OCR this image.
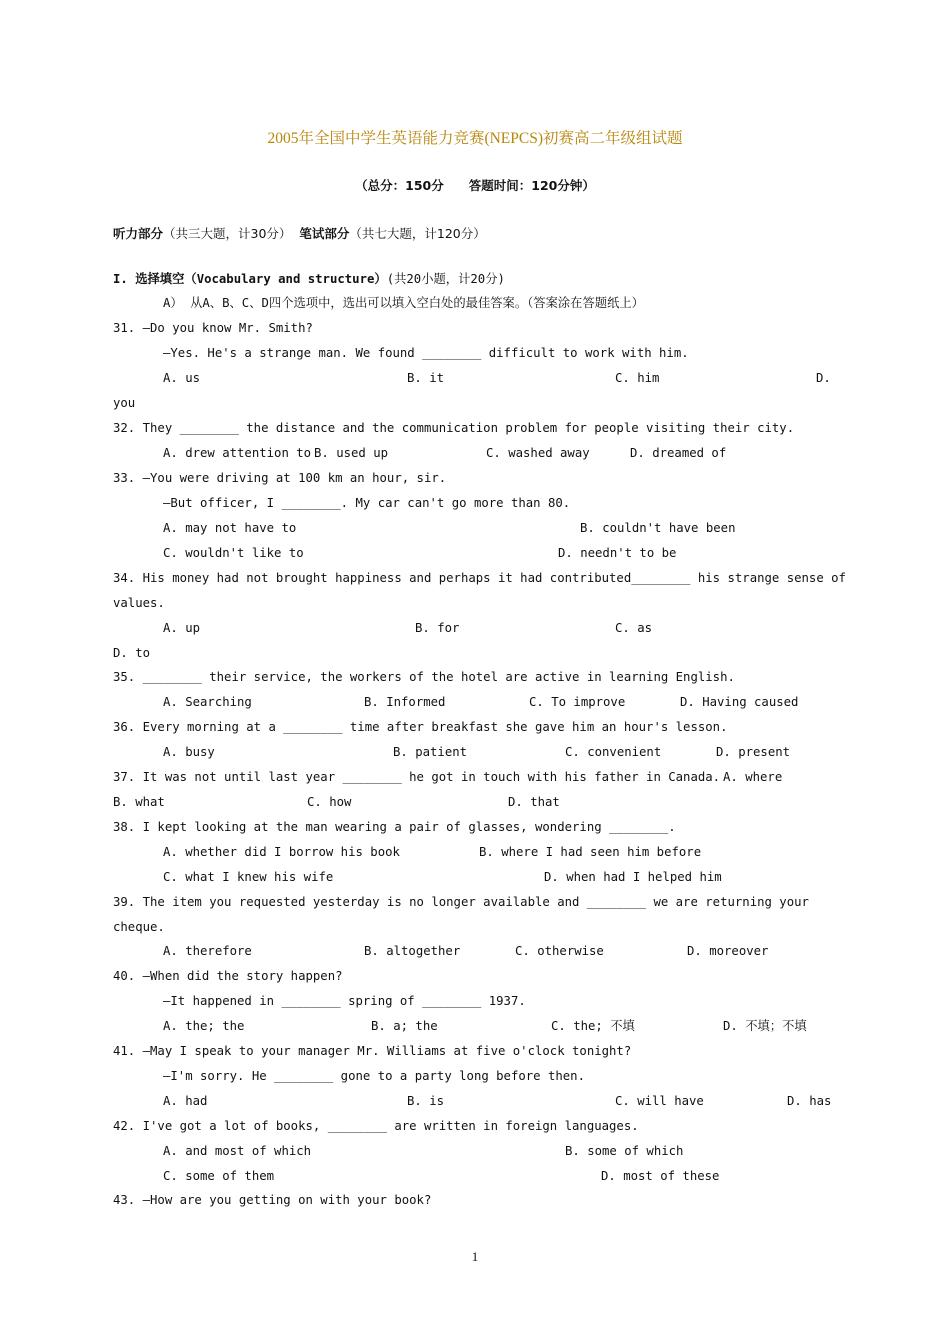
2005年全国中学生英语能力竞赛(NEPCS)初赛高二年级组试题
（总分：150分　　答题时间：120分钟）
听力部分（共三大题，计30分） 笔试部分（共七大题，计120分）
I. 选择填空（Vocabulary and structure）(共20小题，计20分)
A） 从A、B、C、D四个选项中，选出可以填入空白处的最佳答案。（答案涂在答题纸上）
31. —Do you know Mr. Smith?
—Yes. He's a strange man. We found ________ difficult to work with him.
A. us	B. it	C. him	D.
you
32. They ________ the distance and the communication problem for people visiting their city.
A. drew attention to B. used up	C. washed away	D. dreamed of
33. —You were driving at 100 km an hour, sir.
—But officer, I ________. My car can't go more than 80.
A. may not have to	B. couldn't have been
C. wouldn't like to	D. needn't to be
34. His money had not brought happiness and perhaps it had contributed________ his strange sense of
values.
A. up	B. for	C. as
D. to
35. ________ their service, the workers of the hotel are active in learning English.
A. Searching	B. Informed	C. To improve	D. Having caused
36. Every morning at a ________ time after breakfast she gave him an hour's lesson.
A. busy	B. patient	C. convenient	D. present
37. It was not until last year ________ he got in touch with his father in Canada. A. where
B. what	C. how	D. that
38. I kept looking at the man wearing a pair of glasses, wondering ________.
A. whether did I borrow his book	B. where I had seen him before
C. what I knew his wife	D. when had I helped him
39. The item you requested yesterday is no longer available and ________ we are returning your
cheque.
A. therefore	B. altogether	C. otherwise	D. moreover
40. —When did the story happen?
—It happened in ________ spring of ________ 1937.
A. the; the	B. a; the	C. the; 不填	D. 不填；不填
41. —May I speak to your manager Mr. Williams at five o'clock tonight?
—I'm sorry. He ________ gone to a party long before then.
A. had	B. is	C. will have	D. has
42. I've got a lot of books, ________ are written in foreign languages.
A. and most of which	B. some of which
C. some of them	D. most of these
43. —How are you getting on with your book?
1
